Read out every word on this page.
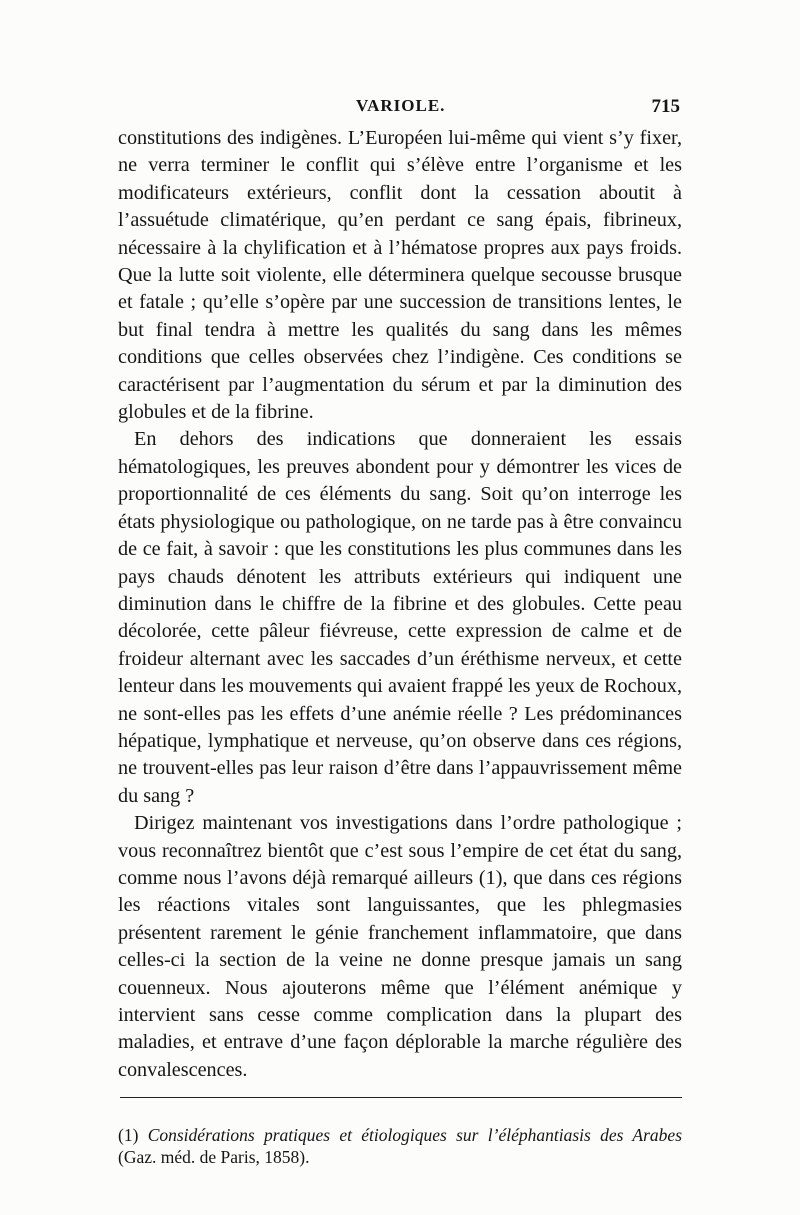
VARIOLE.	715

constitutions des indigènes. L’Européen lui-même qui vient s’y fixer, ne verra terminer le conflit qui s’élève entre l’organisme et les modificateurs extérieurs, conflit dont la cessation aboutit à l’assuétude climatérique, qu’en perdant ce sang épais, fibrineux, nécessaire à la chylification et à l’hématose propres aux pays froids. Que la lutte soit violente, elle déterminera quelque secousse brusque et fatale ; qu’elle s’opère par une succession de transitions lentes, le but final tendra à mettre les qualités du sang dans les mêmes conditions que celles observées chez l’indigène. Ces conditions se caractérisent par l’augmentation du sérum et par la diminution des globules et de la fibrine.

En dehors des indications que donneraient les essais hématologiques, les preuves abondent pour y démontrer les vices de proportionnalité de ces éléments du sang. Soit qu’on interroge les états physiologique ou pathologique, on ne tarde pas à être convaincu de ce fait, à savoir : que les constitutions les plus communes dans les pays chauds dénotent les attributs extérieurs qui indiquent une diminution dans le chiffre de la fibrine et des globules. Cette peau décolorée, cette pâleur fiévreuse, cette expression de calme et de froideur alternant avec les saccades d’un éréthisme nerveux, et cette lenteur dans les mouvements qui avaient frappé les yeux de Rochoux, ne sont-elles pas les effets d’une anémie réelle ? Les prédominances hépatique, lymphatique et nerveuse, qu’on observe dans ces régions, ne trouvent-elles pas leur raison d’être dans l’appauvrissement même du sang ?

Dirigez maintenant vos investigations dans l’ordre pathologique ; vous reconnaîtrez bientôt que c’est sous l’empire de cet état du sang, comme nous l’avons déjà remarqué ailleurs (1), que dans ces régions les réactions vitales sont languissantes, que les phlegmasies présentent rarement le génie franchement inflammatoire, que dans celles-ci la section de la veine ne donne presque jamais un sang couenneux. Nous ajouterons même que l’élément anémique y intervient sans cesse comme complication dans la plupart des maladies, et entrave d’une façon déplorable la marche régulière des convalescences.

(1) Considérations pratiques et étiologiques sur l’éléphantiasis des Arabes (Gaz. méd. de Paris, 1858).
